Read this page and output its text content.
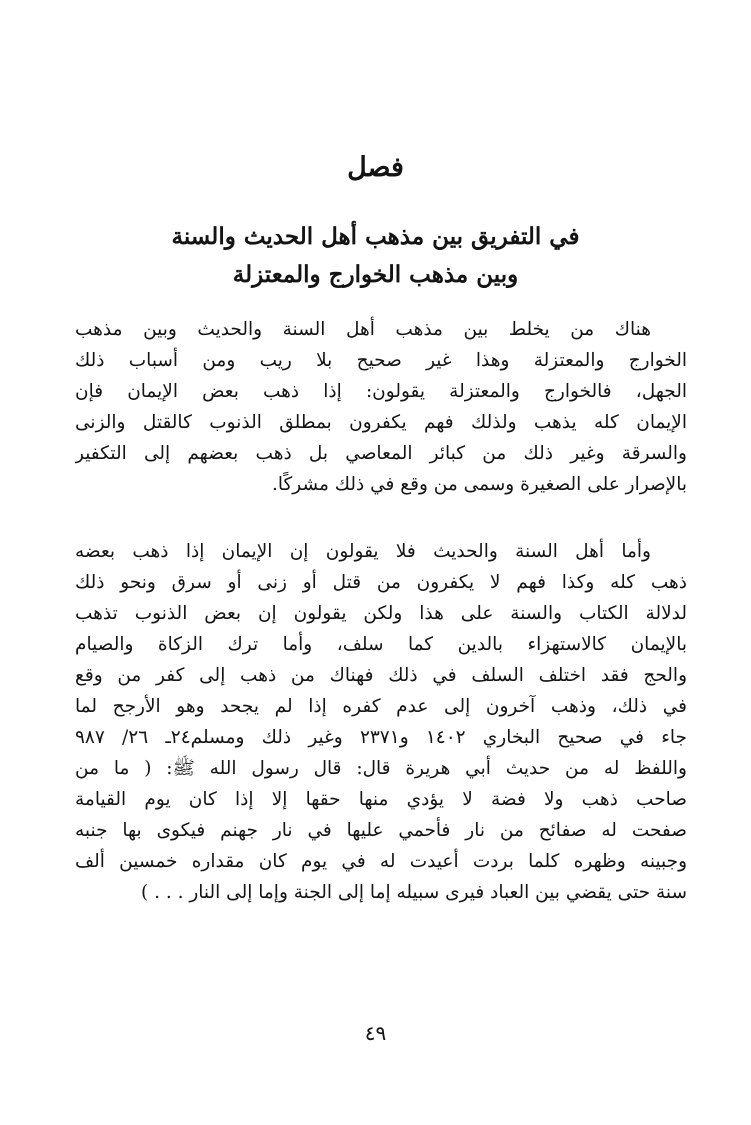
فصل
في التفريق بين مذهب أهل الحديث والسنة
وبين مذهب الخوارج والمعتزلة
هناك من يخلط بين مذهب أهل السنة والحديث وبين مذهب
الخوارج والمعتزلة وهذا غير صحيح بلا ريب ومن أسباب ذلك
الجهل، فالخوارج والمعتزلة يقولون: إذا ذهب بعض الإيمان فإن
الإيمان كله يذهب ولذلك فهم يكفرون بمطلق الذنوب كالقتل والزنى
والسرقة وغير ذلك من كبائر المعاصي بل ذهب بعضهم إلى التكفير
بالإصرار على الصغيرة وسمى من وقع في ذلك مشركًا.
وأما أهل السنة والحديث فلا يقولون إن الإيمان إذا ذهب بعضه
ذهب كله وكذا فهم لا يكفرون من قتل أو زنى أو سرق ونحو ذلك
لدلالة الكتاب والسنة على هذا ولكن يقولون إن بعض الذنوب تذهب
بالإيمان كالاستهزاء بالدين كما سلف، وأما ترك الزكاة والصيام
والحج فقد اختلف السلف في ذلك فهناك من ذهب إلى كفر من وقع
في ذلك، وذهب آخرون إلى عدم كفره إذا لم يجحد وهو الأرجح لما
جاء في صحيح البخاري ١٤٠٢ و٢٣٧١ وغير ذلك ومسلم٢٤ـ ٢٦/ ٩٨٧
واللفظ له من حديث أبي هريرة قال: قال رسول الله ﷺ: ( ما من
صاحب ذهب ولا فضة لا يؤدي منها حقها إلا إذا كان يوم القيامة
صفحت له صفائح من نار فأحمي عليها في نار جهنم فيكوى بها جنبه
وجبينه وظهره كلما بردت أعيدت له في يوم كان مقداره خمسين ألف
سنة حتى يقضي بين العباد فيرى سبيله إما إلى الجنة وإما إلى النار . . . )
٤٩
